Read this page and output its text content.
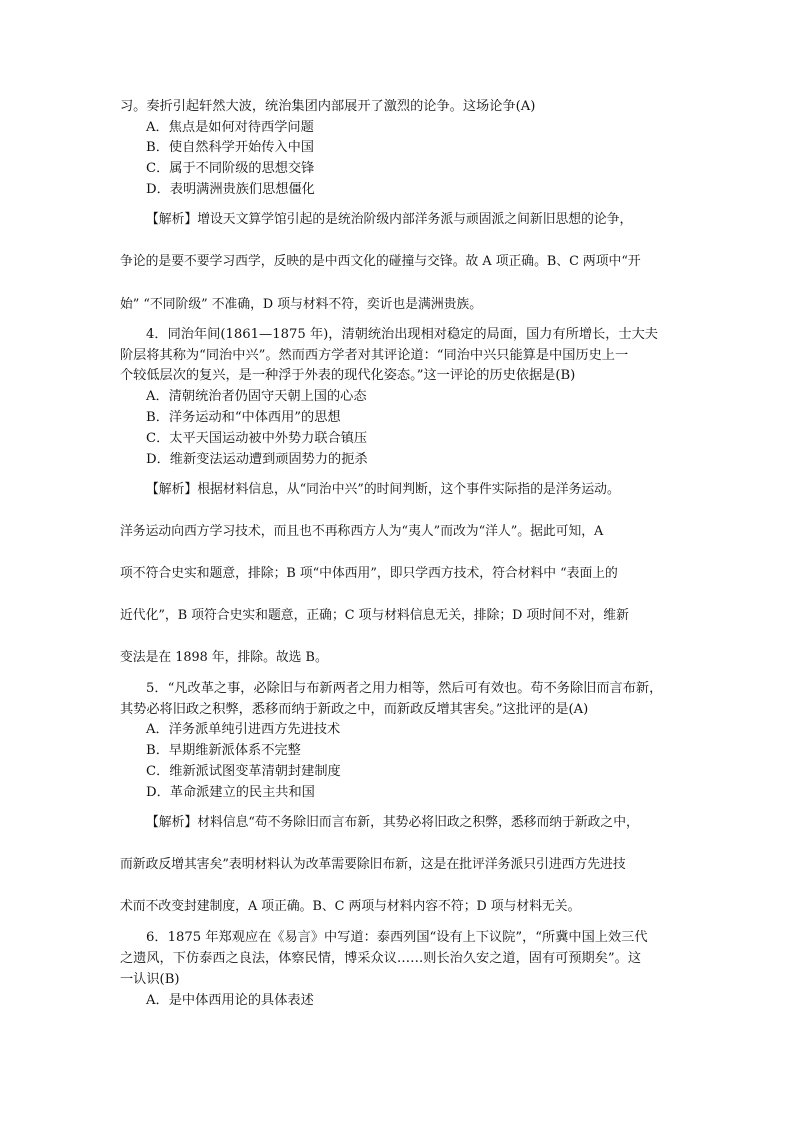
习。奏折引起轩然大波，统治集团内部展开了激烈的论争。这场论争(A)
A．焦点是如何对待西学问题
B．使自然科学开始传入中国
C．属于不同阶级的思想交锋
D．表明满洲贵族们思想僵化
【解析】增设天文算学馆引起的是统治阶级内部洋务派与顽固派之间新旧思想的论争，
争论的是要不要学习西学，反映的是中西文化的碰撞与交锋。故 A 项正确。B、C 两项中“开
始” “不同阶级” 不准确，D 项与材料不符，奕䜣也是满洲贵族。
4．同治年间(1861—1875 年)，清朝统治出现相对稳定的局面，国力有所增长，士大夫
阶层将其称为“同治中兴”。然而西方学者对其评论道：“同治中兴只能算是中国历史上一
个较低层次的复兴，是一种浮于外表的现代化姿态。”这一评论的历史依据是(B)
A．清朝统治者仍固守天朝上国的心态
B．洋务运动和“中体西用”的思想
C．太平天国运动被中外势力联合镇压
D．维新变法运动遭到顽固势力的扼杀
【解析】根据材料信息，从“同治中兴”的时间判断，这个事件实际指的是洋务运动。
洋务运动向西方学习技术，而且也不再称西方人为“夷人”而改为“洋人”。据此可知，A
项不符合史实和题意，排除；B 项“中体西用”，即只学西方技术，符合材料中 “表面上的
近代化”，B 项符合史实和题意，正确；C 项与材料信息无关，排除；D 项时间不对，维新
变法是在 1898 年，排除。故选 B。
5．“凡改革之事，必除旧与布新两者之用力相等，然后可有效也。苟不务除旧而言布新，
其势必将旧政之积弊，悉移而纳于新政之中，而新政反增其害矣。”这批评的是(A)
A．洋务派单纯引进西方先进技术
B．早期维新派体系不完整
C．维新派试图变革清朝封建制度
D．革命派建立的民主共和国
【解析】材料信息“苟不务除旧而言布新，其势必将旧政之积弊，悉移而纳于新政之中，
而新政反增其害矣”表明材料认为改革需要除旧布新，这是在批评洋务派只引进西方先进技
术而不改变封建制度，A 项正确。B、C 两项与材料内容不符；D 项与材料无关。
6．1875 年郑观应在《易言》中写道：泰西列国“设有上下议院”，“所冀中国上效三代
之遗风，下仿泰西之良法，体察民情，博采众议……则长治久安之道，固有可预期矣”。这
一认识(B)
A．是中体西用论的具体表述
